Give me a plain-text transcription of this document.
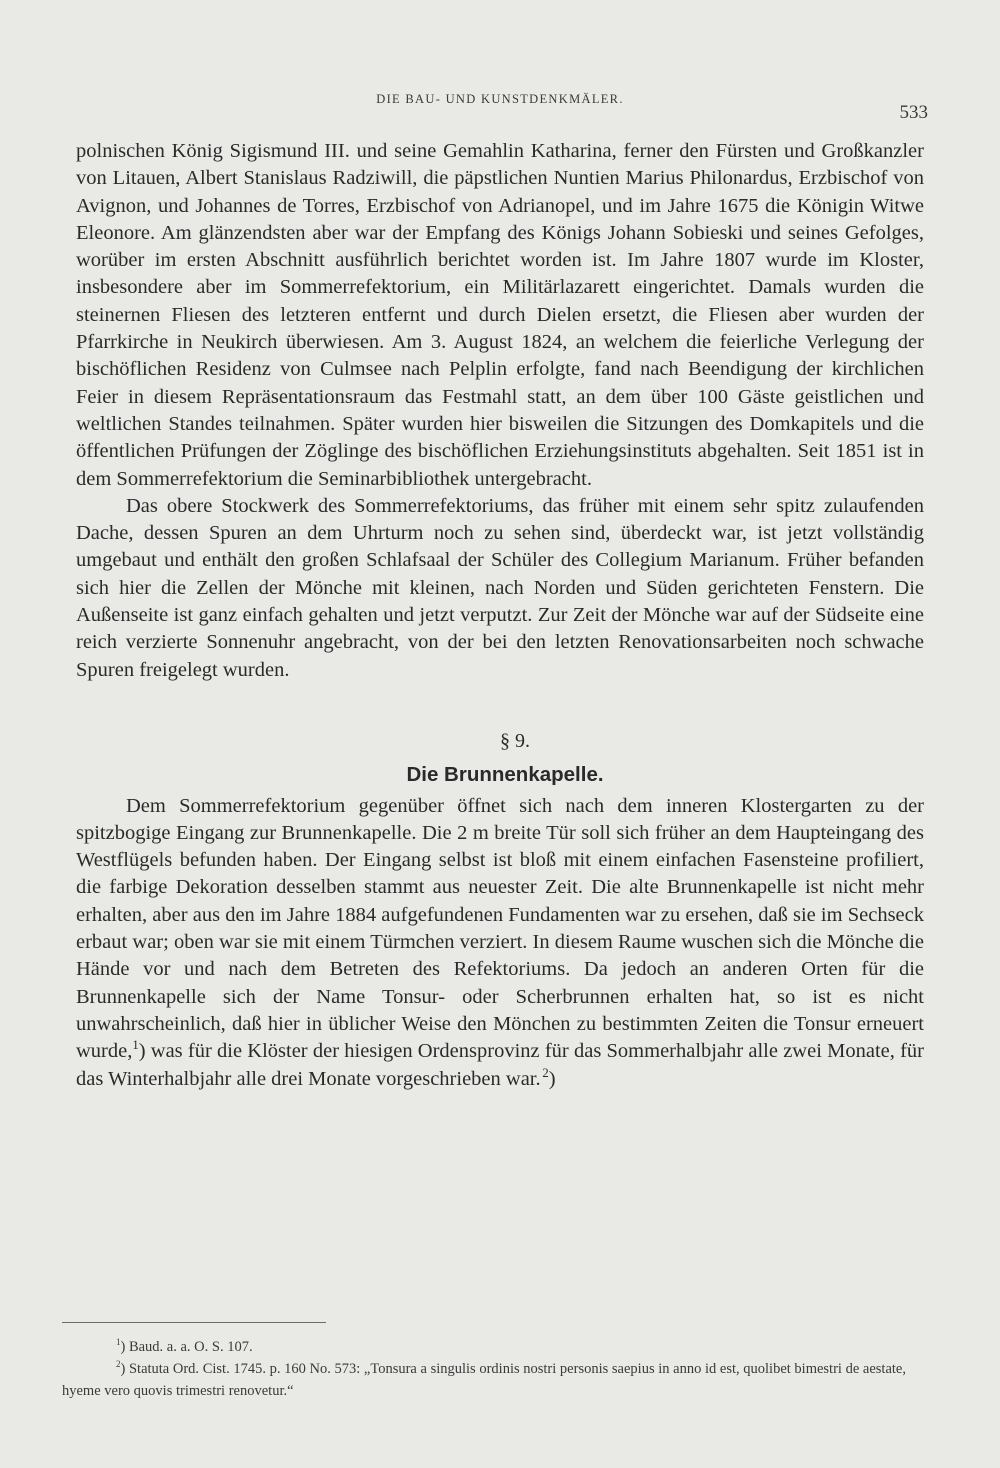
DIE BAU- UND KUNSTDENKMÄLER.
533

polnischen König Sigismund III. und seine Gemahlin Katharina, ferner den Fürsten und Großkanzler von Litauen, Albert Stanislaus Radziwill, die päpstlichen Nuntien Marius Philonardus, Erzbischof von Avignon, und Johannes de Torres, Erzbischof von Adrianopel, und im Jahre 1675 die Königin Witwe Eleonore. Am glänzendsten aber war der Empfang des Königs Johann Sobieski und seines Gefolges, worüber im ersten Abschnitt ausführlich berichtet worden ist. Im Jahre 1807 wurde im Kloster, insbesondere aber im Sommerrefektorium, ein Militärlazarett eingerichtet. Damals wurden die steinernen Fliesen des letzteren entfernt und durch Dielen ersetzt, die Fliesen aber wurden der Pfarrkirche in Neukirch überwiesen. Am 3. August 1824, an welchem die feierliche Verlegung der bischöflichen Residenz von Culmsee nach Pelplin erfolgte, fand nach Beendigung der kirchlichen Feier in diesem Repräsentationsraum das Festmahl statt, an dem über 100 Gäste geistlichen und weltlichen Standes teilnahmen. Später wurden hier bisweilen die Sitzungen des Domkapitels und die öffentlichen Prüfungen der Zöglinge des bischöflichen Erziehungsinstituts abgehalten. Seit 1851 ist in dem Sommerrefektorium die Seminarbibliothek untergebracht.

Das obere Stockwerk des Sommerrefektoriums, das früher mit einem sehr spitz zulaufenden Dache, dessen Spuren an dem Uhrturm noch zu sehen sind, überdeckt war, ist jetzt vollständig umgebaut und enthält den großen Schlafsaal der Schüler des Collegium Marianum. Früher befanden sich hier die Zellen der Mönche mit kleinen, nach Norden und Süden gerichteten Fenstern. Die Außenseite ist ganz einfach gehalten und jetzt verputzt. Zur Zeit der Mönche war auf der Südseite eine reich verzierte Sonnenuhr angebracht, von der bei den letzten Renovationsarbeiten noch schwache Spuren freigelegt wurden.

§ 9.
Die Brunnenkapelle.

Dem Sommerrefektorium gegenüber öffnet sich nach dem inneren Klostergarten zu der spitzbogige Eingang zur Brunnenkapelle. Die 2 m breite Tür soll sich früher an dem Haupteingang des Westflügels befunden haben. Der Eingang selbst ist bloß mit einem einfachen Fasensteine profiliert, die farbige Dekoration desselben stammt aus neuester Zeit. Die alte Brunnenkapelle ist nicht mehr erhalten, aber aus den im Jahre 1884 aufgefundenen Fundamenten war zu ersehen, daß sie im Sechseck erbaut war; oben war sie mit einem Türmchen verziert. In diesem Raume wuschen sich die Mönche die Hände vor und nach dem Betreten des Refektoriums. Da jedoch an anderen Orten für die Brunnenkapelle sich der Name Tonsur- oder Scherbrunnen erhalten hat, so ist es nicht unwahrscheinlich, daß hier in üblicher Weise den Mönchen zu bestimmten Zeiten die Tonsur erneuert wurde,$^1$) was für die Klöster der hiesigen Ordensprovinz für das Sommerhalbjahr alle zwei Monate, für das Winterhalbjahr alle drei Monate vorgeschrieben war.  $^2$)

$^1$) Baud. a. a. O. S. 107.

$^2$) Statuta Ord. Cist. 1745. p. 160 No. 573: „Tonsura a singulis ordinis nostri personis saepius in anno id est, quolibet bimestri de aestate, hyeme vero quovis trimestri renovetur.“
